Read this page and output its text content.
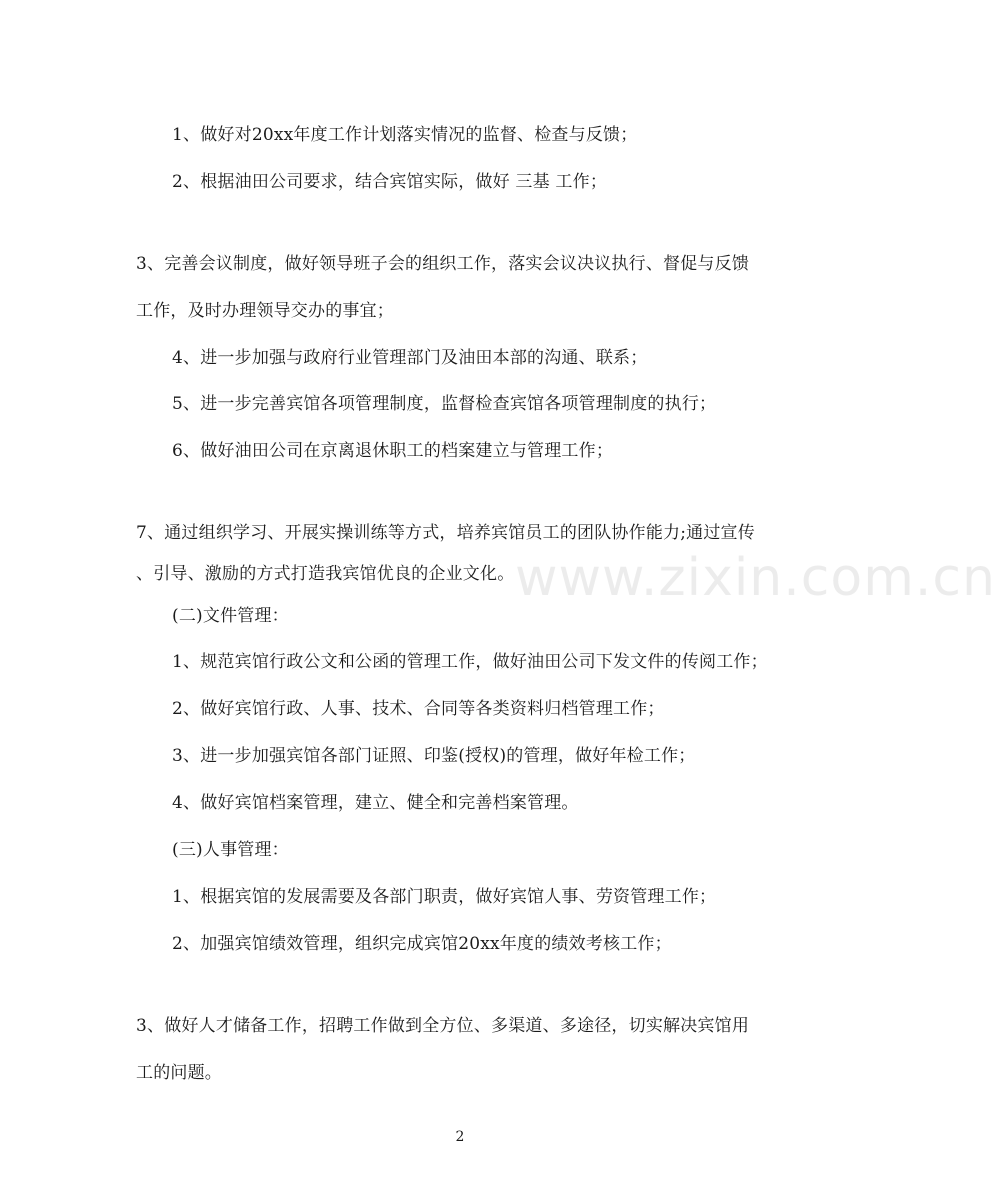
www.zixin.com.cn
1、做好对20xx年度工作计划落实情况的监督、检查与反馈；
2、根据油田公司要求，结合宾馆实际，做好 三基 工作；
3、完善会议制度，做好领导班子会的组织工作，落实会议决议执行、督促与反馈
工作，及时办理领导交办的事宜；
4、进一步加强与政府行业管理部门及油田本部的沟通、联系；
5、进一步完善宾馆各项管理制度，监督检查宾馆各项管理制度的执行；
6、做好油田公司在京离退休职工的档案建立与管理工作；
7、通过组织学习、开展实操训练等方式，培养宾馆员工的团队协作能力;通过宣传
、引导、激励的方式打造我宾馆优良的企业文化。
(二)文件管理：
1、规范宾馆行政公文和公函的管理工作，做好油田公司下发文件的传阅工作；
2、做好宾馆行政、人事、技术、合同等各类资料归档管理工作；
3、进一步加强宾馆各部门证照、印鉴(授权)的管理，做好年检工作；
4、做好宾馆档案管理，建立、健全和完善档案管理。
(三)人事管理：
1、根据宾馆的发展需要及各部门职责，做好宾馆人事、劳资管理工作；
2、加强宾馆绩效管理，组织完成宾馆20xx年度的绩效考核工作；
3、做好人才储备工作，招聘工作做到全方位、多渠道、多途径，切实解决宾馆用
工的问题。
2
